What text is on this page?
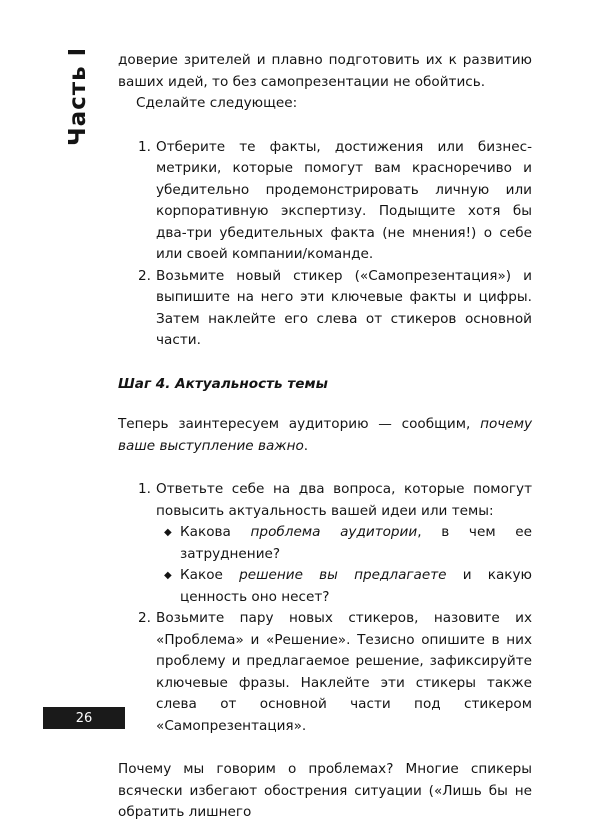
Часть I	доверие зрителей и плавно подготовить их к развитию ваших идей, то без самопрезентации не обойтись.

Сделайте следующее:

1. Отберите те факты, достижения или бизнес-метрики, которые помогут вам красноречиво и убедительно продемонстрировать личную или корпоративную экспертизу. Подыщите хотя бы два-три убедительных факта (не мнения!) о себе или своей компании/команде.
2. Возьмите новый стикер («Самопрезентация») и выпишите на него эти ключевые факты и цифры. Затем наклейте его слева от стикеров основной части.

Шаг 4. Актуальность темы

Теперь заинтересуем аудиторию — сообщим, почему ваше выступление важно.

1. Ответьте себе на два вопроса, которые помогут повысить актуальность вашей идеи или темы:
◆ Какова проблема аудитории, в чем ее затруднение?
◆ Какое решение вы предлагаете и какую ценность оно несет?
2. Возьмите пару новых стикеров, назовите их «Проблема» и «Решение». Тезисно опишите в них проблему и предлагаемое решение, зафиксируйте ключевые фразы. Наклейте эти стикеры также слева от основной части под стикером «Самопрезентация».

Почему мы говорим о проблемах? Многие спикеры всячески избегают обострения ситуации («Лишь бы не обратить лишнего

26
